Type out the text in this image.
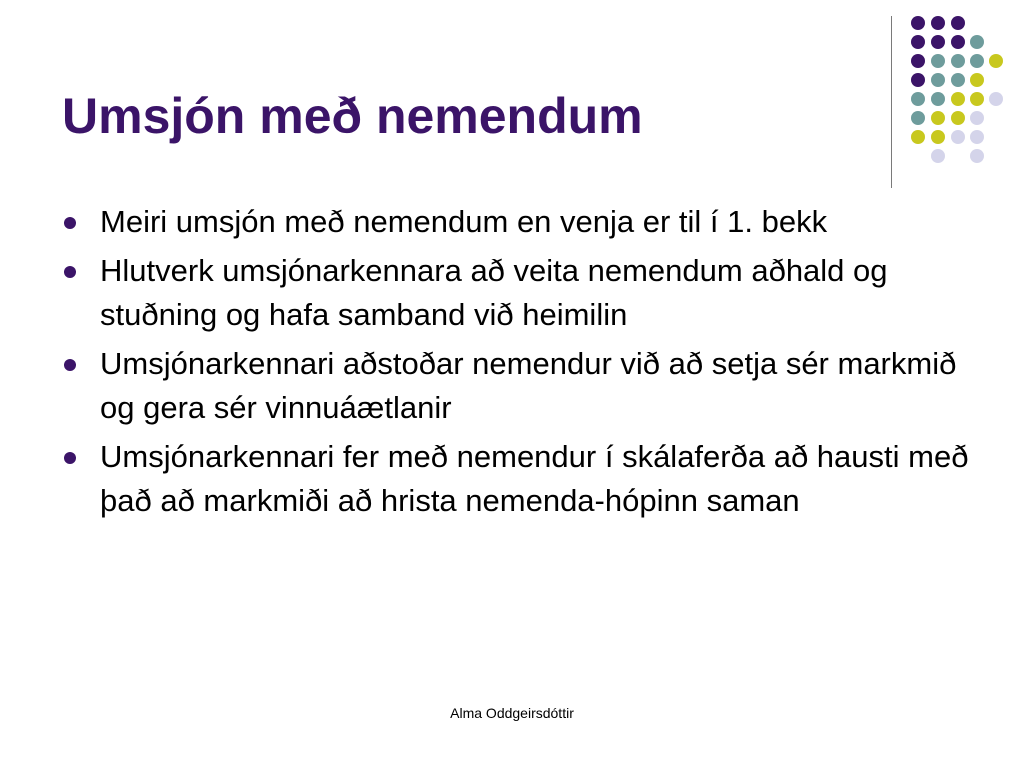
Umsjón með nemendum
Meiri umsjón með nemendum en venja er til í 1. bekk
Hlutverk umsjónarkennara að veita nemendum aðhald og stuðning og hafa samband við heimilin
Umsjónarkennari aðstoðar nemendur við að setja sér markmið og gera sér vinnuáætlanir
Umsjónarkennari fer með nemendur í skálaferða að hausti með það að markmiði að hrista nemenda-hópinn saman
Alma Oddgeirsdóttir
